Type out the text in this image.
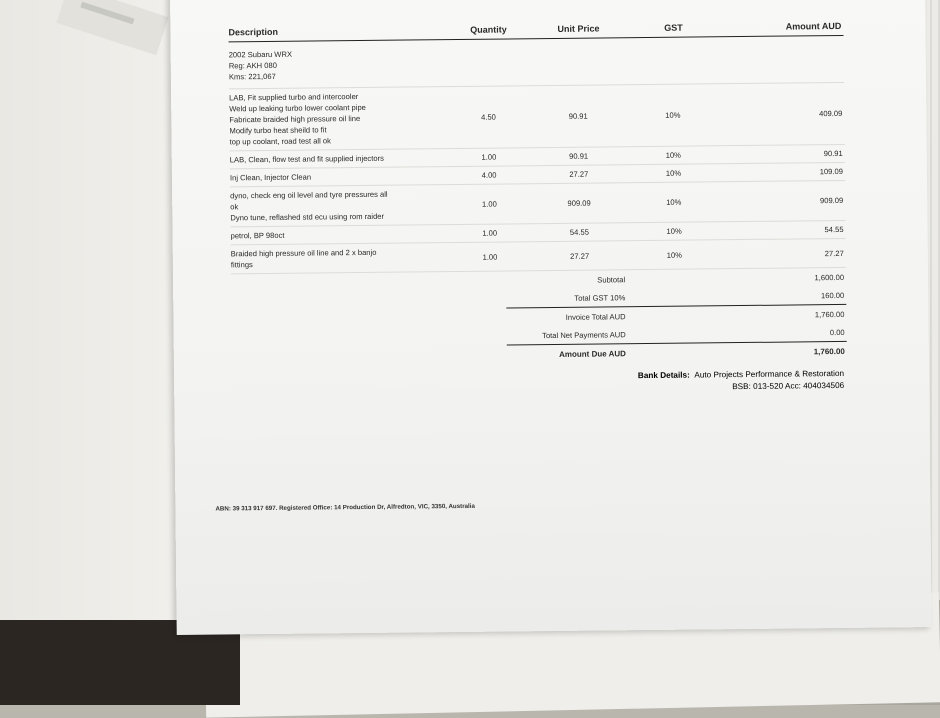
Description	Quantity	Unit Price	GST	Amount AUD
2002 Subaru WRX
Reg: AKH 080
Kms: 221,067
LAB, Fit supplied turbo and intercooler
Weld up leaking turbo lower coolant pipe
Fabricate braided high pressure oil line
Modify turbo heat sheild to fit
top up coolant, road test all ok
4.50	90.91	10%	409.09
LAB, Clean, flow test and fit supplied injectors	1.00	90.91	10%	90.91
Inj Clean, Injector Clean	4.00	27.27	10%	109.09
dyno, check eng oil level and tyre pressures all
ok
Dyno tune, reflashed std ecu using rom raider
1.00	909.09	10%	909.09
petrol, BP 98oct	1.00	54.55	10%	54.55
Braided high pressure oil line and 2 x banjo
fittings
1.00	27.27	10%	27.27
Subtotal	1,600.00
Total GST 10%	160.00
Invoice Total AUD	1,760.00
Total Net Payments AUD	0.00
Amount Due AUD	1,760.00
Bank Details: Auto Projects Performance & Restoration
BSB: 013-520 Acc: 404034506
ABN: 39 313 917 697. Registered Office: 14 Production Dr, Alfredton, VIC, 3350, Australia
